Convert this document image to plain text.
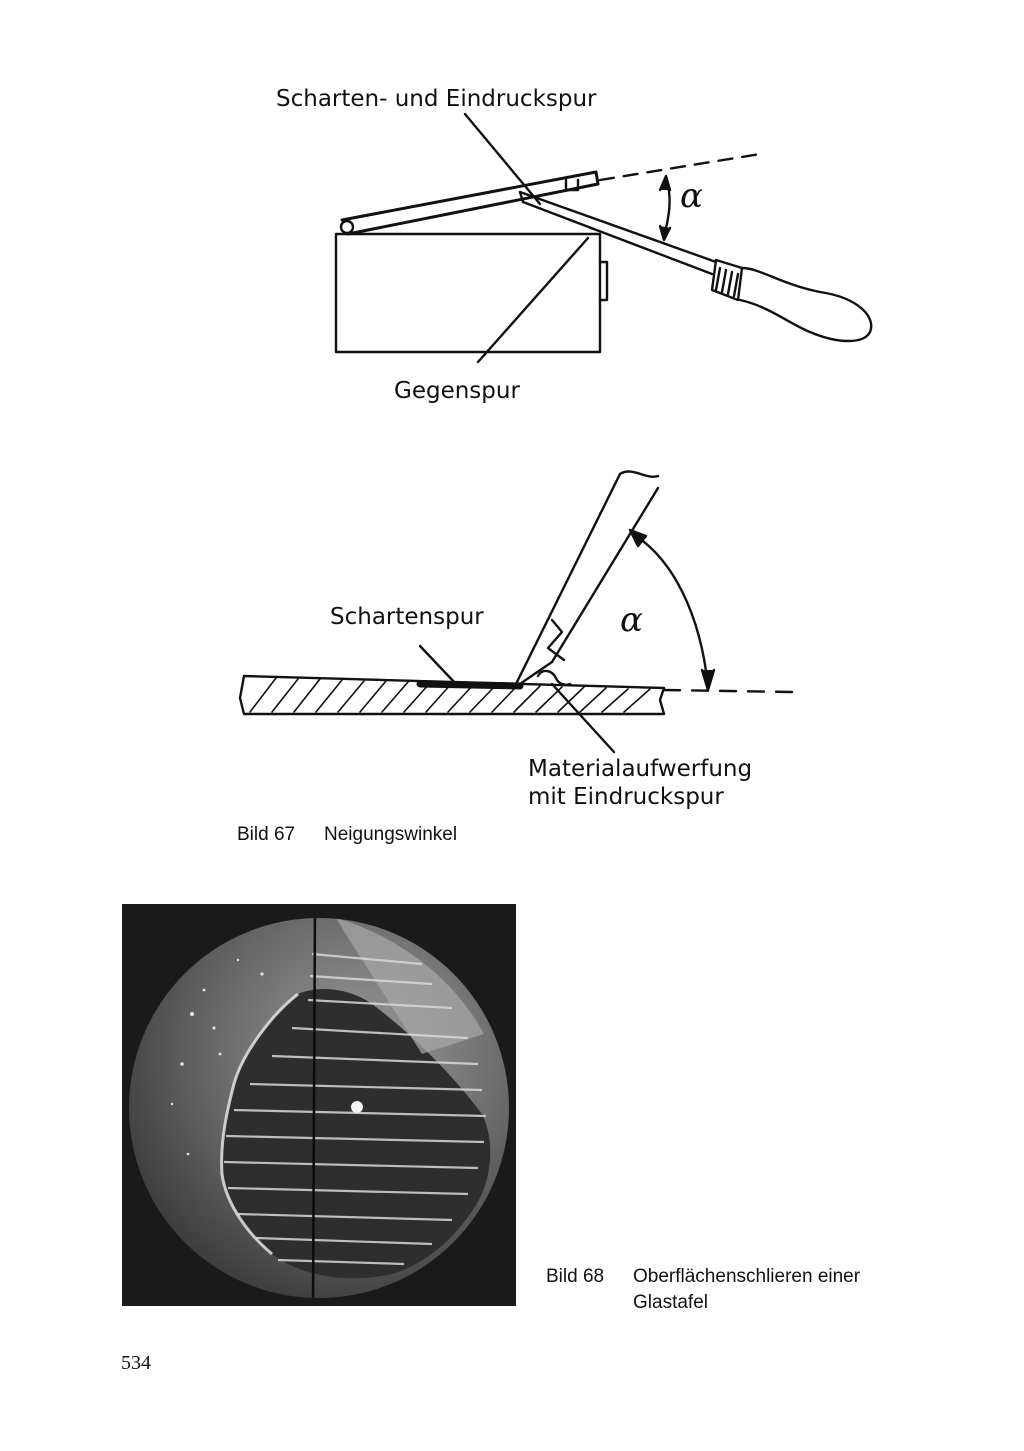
Scharten- und Eindruckspur
α
Gegenspur
Schartenspur	α
Materialaufwerfung
mit Eindruckspur
Bild 67 Neigungswinkel
Bild 68 Oberflächenschlieren einer
Glastafel
534
